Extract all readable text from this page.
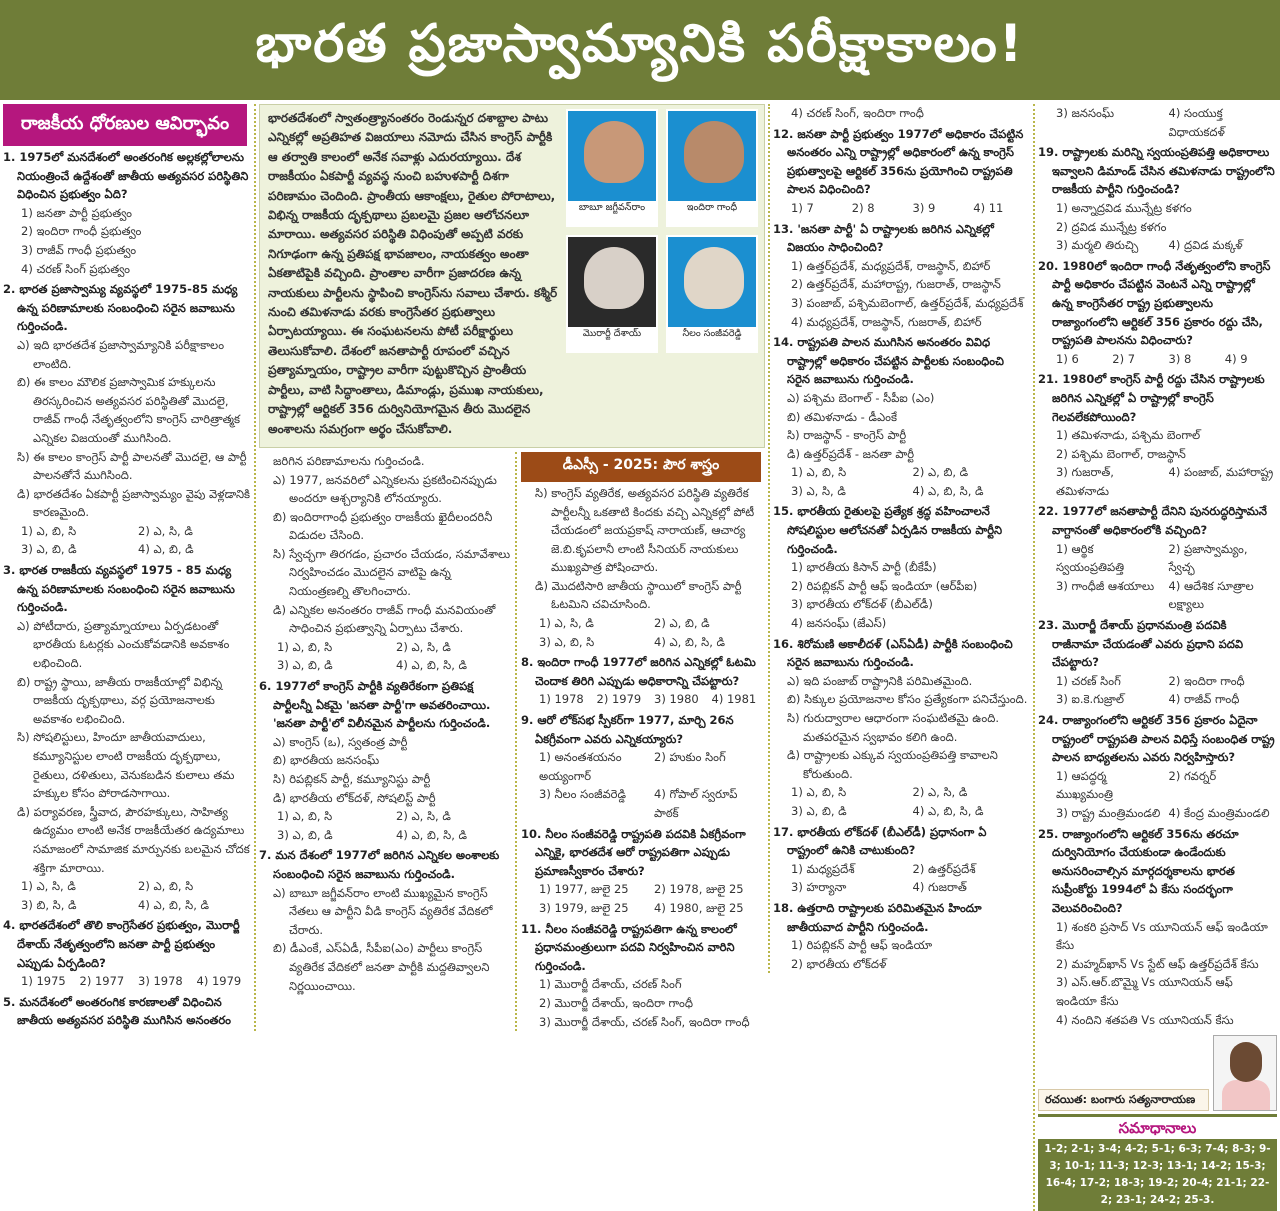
భారత ప్రజాస్వామ్యానికి పరీక్షాకాలం!
రాజకీయ ధోరణుల ఆవిర్భావం
1. 1975లో మనదేశంలో అంతరంగిక అల్లకల్లోలాలను నియంత్రించే ఉద్దేశంతో జాతీయ అత్యవసర పరిస్థితిని విధించిన ప్రభుత్వం ఏది?
1) జనతా పార్టీ ప్రభుత్వం
2) ఇందిరా గాంధీ ప్రభుత్వం
3) రాజీవ్ గాంధీ ప్రభుత్వం
4) చరణ్ సింగ్ ప్రభుత్వం
2. భారత ప్రజాస్వామ్య వ్యవస్థలో 1975-85 మధ్య ఉన్న పరిణామాలకు సంబంధించి సరైన జవాబును గుర్తించండి.
ఎ) ఇది భారతదేశ ప్రజాస్వామ్యానికి పరీక్షాకాలం లాంటిది.
బి) ఈ కాలం మౌలిక ప్రజాస్వామిక హక్కులను తిరస్కరించిన అత్యవసర పరిస్థితితో మొదలై, రాజీవ్ గాంధీ నేతృత్వంలోని కాంగ్రెస్ చారిత్రాత్మక ఎన్నికల విజయంతో ముగిసింది.
సి) ఈ కాలం కాంగ్రెస్ పార్టీ పాలనతో మొదలై, ఆ పార్టీ పాలనతోనే ముగిసింది.
డి) భారతదేశం ఏకపార్టీ ప్రజాస్వామ్యం వైపు వెళ్లడానికి కారణమైంది.
1) ఎ, బి, సి	2) ఎ, సి, డి
3) ఎ, బి, డి	4) ఎ, బి, డి
3. భారత రాజకీయ వ్యవస్థలో 1975 - 85 మధ్య ఉన్న పరిణామాలకు సంబంధించి సరైన జవాబును గుర్తించండి.
ఎ) పోటీదారు, ప్రత్యామ్నాయాలు ఏర్పడటంతో భారతీయ ఓటర్లకు ఎంచుకోవడానికి అవకాశం లభించింది.
బి) రాష్ట్ర స్థాయి, జాతీయ రాజకీయాల్లో విభిన్న రాజకీయ దృక్పథాలు, వర్గ ప్రయోజనాలకు అవకాశం లభించింది.
సి) సోషలిస్టులు, హిందూ జాతీయవాదులు, కమ్యూనిస్టుల లాంటి రాజకీయ దృక్పథాలు, రైతులు, దళితులు, వెనుకబడిన కులాలు తమ హక్కుల కోసం పోరాడసాగాయి.
డి) పర్యావరణ, స్త్రీవాద, పౌరహక్కులు, సాహిత్య ఉద్యమం లాంటి అనేక రాజకీయేతర ఉద్యమాలు సమాజంలో సామాజిక మార్పునకు బలమైన చోదక శక్తిగా మారాయి.
1) ఎ, సి, డి	2) ఎ, బి, సి
3) బి, సి, డి	4) ఎ, బి, సి, డి
4. భారతదేశంలో తొలి కాంగ్రెసేతర ప్రభుత్వం, మొరార్జీ దేశాయ్ నేతృత్వంలోని జనతా పార్టీ ప్రభుత్వం ఎప్పుడు ఏర్పడింది?
1) 1975	2) 1977	3) 1978	4) 1979
5. మనదేశంలో అంతరంగిక కారణాలతో విధించిన జాతీయ అత్యవసర పరిస్థితి ముగిసిన అనంతరం
భారతదేశంలో స్వాతంత్ర్యానంతరం రెండున్నర దశాబ్దాల పాటు ఎన్నికల్లో అప్రతిహత విజయాలు నమోదు చేసిన కాంగ్రెస్ పార్టీకి ఆ తర్వాతి కాలంలో అనేక సవాళ్లు ఎదురయ్యాయి. దేశ రాజకీయం ఏకపార్టీ వ్యవస్థ నుంచి బహుళపార్టీ దిశగా పరిణామం చెందింది. ప్రాంతీయ ఆకాంక్షలు, రైతుల పోరాటాలు, విభిన్న రాజకీయ దృక్పథాలు ప్రబలమై ప్రజల ఆలోచనలూ మారాయి. అత్యవసర పరిస్థితి విధింపుతో అప్పటి వరకు నిగూఢంగా ఉన్న ప్రతిపక్ష భావజాలం, నాయకత్వం అంతా ఏకతాటిపైకి వచ్చింది. ప్రాంతాల వారీగా ప్రజాదరణ ఉన్న నాయకులు పార్టీలను స్థాపించి కాంగ్రెస్‌ను సవాలు చేశారు. కశ్మీర్ నుంచి తమిళనాడు వరకు కాంగ్రెసేతర ప్రభుత్వాలు ఏర్పాటయ్యాయి. ఈ సంఘటనలను పోటీ పరీక్షార్థులు తెలుసుకోవాలి. దేశంలో జనతాపార్టీ రూపంలో వచ్చిన ప్రత్యామ్నాయం, రాష్ట్రాల వారీగా పుట్టుకొచ్చిన ప్రాంతీయ పార్టీలు, వాటి సిద్ధాంతాలు, డిమాండ్లు, ప్రముఖ నాయకులు, రాష్ట్రాల్లో ఆర్టికల్ 356 దుర్వినియోగమైన తీరు మొదలైన అంశాలను సమగ్రంగా అర్థం చేసుకోవాలి.
బాబూ జగ్జీవన్‌రాం	ఇందిరా గాంధీ
మొరార్జీ దేశాయ్	నీలం సంజీవరెడ్డి
జరిగిన పరిణామాలను గుర్తించండి.
ఎ) 1977, జనవరిలో ఎన్నికలను ప్రకటించినప్పుడు అందరూ ఆశ్చర్యానికి లోనయ్యారు.
బి) ఇందిరాగాంధీ ప్రభుత్వం రాజకీయ ఖైదీలందరినీ విడుదల చేసింది.
సి) స్వేచ్ఛగా తిరగడం, ప్రచారం చేయడం, సమావేశాలు నిర్వహించడం మొదలైన వాటిపై ఉన్న నియంత్రణల్ని తొలగించారు.
డి) ఎన్నికల అనంతరం రాజీవ్ గాంధీ మనవియంతో సాధించిన ప్రభుత్వాన్ని ఏర్పాటు చేశారు.
1) ఎ, బి, సి	2) ఎ, సి, డి
3) ఎ, బి, డి	4) ఎ, బి, సి, డి
6. 1977లో కాంగ్రెస్ పార్టీకి వ్యతిరేకంగా ప్రతిపక్ష పార్టీలన్నీ ఏకమై 'జనతా పార్టీ'గా అవతరించాయి. 'జనతా పార్టీ'లో విలీనమైన పార్టీలను గుర్తించండి.
ఎ) కాంగ్రెస్ (ఒ), స్వతంత్ర పార్టీ
బి) భారతీయ జనసంఘ్
సి) రిపబ్లికన్ పార్టీ, కమ్యూనిస్టు పార్టీ
డి) భారతీయ లోక్‌దళ్, సోషలిస్ట్ పార్టీ
1) ఎ, బి, సి	2) ఎ, సి, డి
3) ఎ, బి, డి	4) ఎ, బి, సి, డి
7. మన దేశంలో 1977లో జరిగిన ఎన్నికల అంశాలకు సంబంధించి సరైన జవాబును గుర్తించండి.
ఎ) బాబూ జగ్జీవన్‌రాం లాంటి ముఖ్యమైన కాంగ్రెస్ నేతలు ఆ పార్టీని వీడి కాంగ్రెస్ వ్యతిరేక వేదికలో చేరారు.
బి) డీఎంకే, ఎస్ఏడీ, సీపీఐ(ఎం) పార్టీలు కాంగ్రెస్ వ్యతిరేక వేదికలో జనతా పార్టీకి మద్దతివ్వాలని నిర్ణయించాయి.
డీఎస్సీ - 2025: పౌర శాస్త్రం
సి) కాంగ్రెస్ వ్యతిరేక, అత్యవసర పరిస్థితి వ్యతిరేక పార్టీలన్నీ ఒకతాటి కిందకు వచ్చి ఎన్నికల్లో పోటీ చేయడంలో జయప్రకాష్ నారాయణ్, ఆచార్య జె.బి.కృపలానీ లాంటి సీనియర్ నాయకులు ముఖ్యపాత్ర పోషించారు.
డి) మొదటిసారి జాతీయ స్థాయిలో కాంగ్రెస్ పార్టీ ఓటమిని చవిచూసింది.
1) ఎ, సి, డి	2) ఎ, బి, డి
3) ఎ, బి, సి	4) ఎ, బి, సి, డి
8. ఇందిరా గాంధీ 1977లో జరిగిన ఎన్నికల్లో ఓటమి చెందాక తిరిగి ఎప్పుడు అధికారాన్ని చేపట్టారు?
1) 1978	2) 1979	3) 1980	4) 1981
9. ఆరో లోక్‌సభ స్పీకర్‌గా 1977, మార్చి 26న ఏకగ్రీవంగా ఎవరు ఎన్నికయ్యారు?
1) అనంతశయనం అయ్యంగార్
2) హుకుం సింగ్
3) నీలం సంజీవరెడ్డి	4) గోపాల్ స్వరూప్ పాఠక్
10. నీలం సంజీవరెడ్డి రాష్ట్రపతి పదవికి ఏకగ్రీవంగా ఎన్నికై, భారతదేశ ఆరో రాష్ట్రపతిగా ఎప్పుడు ప్రమాణస్వీకారం చేశారు?
1) 1977, జులై 25	2) 1978, జులై 25
3) 1979, జులై 25	4) 1980, జులై 25
11. నీలం సంజీవరెడ్డి రాష్ట్రపతిగా ఉన్న కాలంలో ప్రధానమంత్రులుగా పదవి నిర్వహించిన వారిని గుర్తించండి.
1) మొరార్జీ దేశాయ్, చరణ్ సింగ్
2) మొరార్జీ దేశాయ్, ఇందిరా గాంధీ
3) మొరార్జీ దేశాయ్, చరణ్ సింగ్, ఇందిరా గాంధీ
4) చరణ్ సింగ్, ఇందిరా గాంధీ
12. జనతా పార్టీ ప్రభుత్వం 1977లో అధికారం చేపట్టిన అనంతరం ఎన్ని రాష్ట్రాల్లో అధికారంలో ఉన్న కాంగ్రెస్ ప్రభుత్వాలపై ఆర్టికల్ 356ను ప్రయోగించి రాష్ట్రపతి పాలన విధించింది?
1) 7	2) 8	3) 9	4) 11
13. 'జనతా పార్టీ' ఏ రాష్ట్రాలకు జరిగిన ఎన్నికల్లో విజయం సాధించింది?
1) ఉత్తర్‌ప్రదేశ్, మధ్యప్రదేశ్, రాజస్థాన్, బిహార్
2) ఉత్తర్‌ప్రదేశ్, మహారాష్ట్ర, గుజరాత్, రాజస్థాన్
3) పంజాబ్, పశ్చిమబెంగాల్, ఉత్తర్‌ప్రదేశ్, మధ్యప్రదేశ్
4) మధ్యప్రదేశ్, రాజస్థాన్, గుజరాత్, బిహార్
14. రాష్ట్రపతి పాలన ముగిసిన అనంతరం వివిధ రాష్ట్రాల్లో అధికారం చేపట్టిన పార్టీలకు సంబంధించి సరైన జవాబును గుర్తించండి.
ఎ) పశ్చిమ బెంగాల్ - సీపీఐ (ఎం)
బి) తమిళనాడు - డీఎంకే
సి) రాజస్థాన్ - కాంగ్రెస్ పార్టీ
డి) ఉత్తర్‌ప్రదేశ్ - జనతా పార్టీ
1) ఎ, బి, సి	2) ఎ, బి, డి
3) ఎ, సి, డి	4) ఎ, బి, సి, డి
15. భారతీయ రైతులపై ప్రత్యేక శ్రద్ధ వహించాలనే సోషలిస్టుల ఆలోచనతో ఏర్పడిన రాజకీయ పార్టీని గుర్తించండి.
1) భారతీయ కిసాన్ పార్టీ (బీకేపీ)
2) రిపబ్లికన్ పార్టీ ఆఫ్ ఇండియా (ఆర్‌పీఐ)
3) భారతీయ లోక్‌దళ్ (బీఎల్‌డీ)
4) జనసంఘ్ (జేఎస్)
16. శిరోమణి అకాలీదళ్ (ఎస్ఏడీ) పార్టీకి సంబంధించి సరైన జవాబును గుర్తించండి.
ఎ) ఇది పంజాబ్ రాష్ట్రానికి పరిమితమైంది.
బి) సిక్కుల ప్రయోజనాల కోసం ప్రత్యేకంగా పనిచేస్తుంది.
సి) గురుద్వారాల ఆధారంగా సంఘటితమై ఉంది. మతపరమైన స్వభావం కలిగి ఉంది.
డి) రాష్ట్రాలకు ఎక్కువ స్వయంప్రతిపత్తి కావాలని కోరుతుంది.
1) ఎ, బి, సి	2) ఎ, సి, డి
3) ఎ, బి, డి	4) ఎ, బి, సి, డి
17. భారతీయ లోక్‌దళ్ (బీఎల్‌డీ) ప్రధానంగా ఏ రాష్ట్రంలో ఉనికి చాటుకుంది?
1) మధ్యప్రదేశ్	2) ఉత్తర్‌ప్రదేశ్
3) హర్యానా	4) గుజరాత్
18. ఉత్తరాది రాష్ట్రాలకు పరిమితమైన హిందూ జాతీయవాద పార్టీని గుర్తించండి.
1) రిపబ్లికన్ పార్టీ ఆఫ్ ఇండియా
2) భారతీయ లోక్‌దళ్
3) జనసంఘ్	4) సంయుక్త విధాయకదళ్
19. రాష్ట్రాలకు మరిన్ని స్వయంప్రతిపత్తి అధికారాలు ఇవ్వాలని డిమాండ్ చేసిన తమిళనాడు రాష్ట్రంలోని రాజకీయ పార్టీని గుర్తించండి?
1) అన్నాద్రవిడ మున్నేట్ర కళగం
2) ద్రవిడ మున్నేట్ర కళగం
3) మర్మలి తిరుచ్చి	4) ద్రవిడ మక్కళ్
20. 1980లో ఇందిరా గాంధీ నేతృత్వంలోని కాంగ్రెస్ పార్టీ అధికారం చేపట్టిన వెంటనే ఎన్ని రాష్ట్రాల్లో ఉన్న కాంగ్రెసేతర రాష్ట్ర ప్రభుత్వాలను రాజ్యాంగంలోని ఆర్టికల్ 356 ప్రకారం రద్దు చేసి, రాష్ట్రపతి పాలనను విధించారు?
1) 6	2) 7	3) 8	4) 9
21. 1980లో కాంగ్రెస్ పార్టీ రద్దు చేసిన రాష్ట్రాలకు జరిగిన ఎన్నికల్లో ఏ రాష్ట్రాల్లో కాంగ్రెస్ గెలవలేకపోయింది?
1) తమిళనాడు, పశ్చిమ బెంగాల్
2) పశ్చిమ బెంగాల్, రాజస్థాన్
3) గుజరాత్, తమిళనాడు
4) పంజాబ్, మహారాష్ట్ర
22. 1977లో జనతాపార్టీ దేనిని పునరుద్ధరిస్తామనే వాగ్దానంతో అధికారంలోకి వచ్చింది?
1) ఆర్థిక స్వయంప్రతిపత్తి
2) ప్రజాస్వామ్యం, స్వేచ్ఛ
3) గాంధీజీ ఆశయాలు	4) ఆదేశిక సూత్రాల లక్ష్యాలు
23. మొరార్జీ దేశాయ్ ప్రధానమంత్రి పదవికి రాజీనామా చేయడంతో ఎవరు ప్రధాని పదవి చేపట్టారు?
1) చరణ్ సింగ్	2) ఇందిరా గాంధీ
3) ఐ.కె.గుజ్రాల్	4) రాజీవ్ గాంధీ
24. రాజ్యాంగంలోని ఆర్టికల్ 356 ప్రకారం ఏదైనా రాష్ట్రంలో రాష్ట్రపతి పాలన విధిస్తే సంబంధిత రాష్ట్ర పాలన బాధ్యతలను ఎవరు నిర్వహిస్తారు?
1) ఆపద్ధర్మ ముఖ్యమంత్రి
2) గవర్నర్
3) రాష్ట్ర మంత్రిమండలి 4) కేంద్ర మంత్రిమండలి
25. రాజ్యాంగంలోని ఆర్టికల్ 356ను తరచూ దుర్వినియోగం చేయకుండా ఉండేందుకు అనుసరించాల్సిన మార్గదర్శకాలను భారత సుప్రీంకోర్టు 1994లో ఏ కేసు సందర్భంగా వెలువరించింది?
1) శంకరి ప్రసాద్ Vs యూనియన్ ఆఫ్ ఇండియా కేసు
2) మహ్మద్‌ఖాన్ Vs స్టేట్ ఆఫ్ ఉత్తర్‌ప్రదేశ్ కేసు
3) ఎస్.ఆర్.బొమ్మై Vs యూనియన్ ఆఫ్ ఇండియా కేసు
4) నందిని శతపతి Vs యూనియన్ కేసు
రచయిత: బంగారు సత్యనారాయణ
సమాధానాలు
1-2; 2-1; 3-4; 4-2; 5-1; 6-3; 7-4; 8-3; 9-3; 10-1; 11-3; 12-3; 13-1; 14-2; 15-3; 16-4; 17-2; 18-3; 19-2; 20-4; 21-1; 22-2; 23-1; 24-2; 25-3.
